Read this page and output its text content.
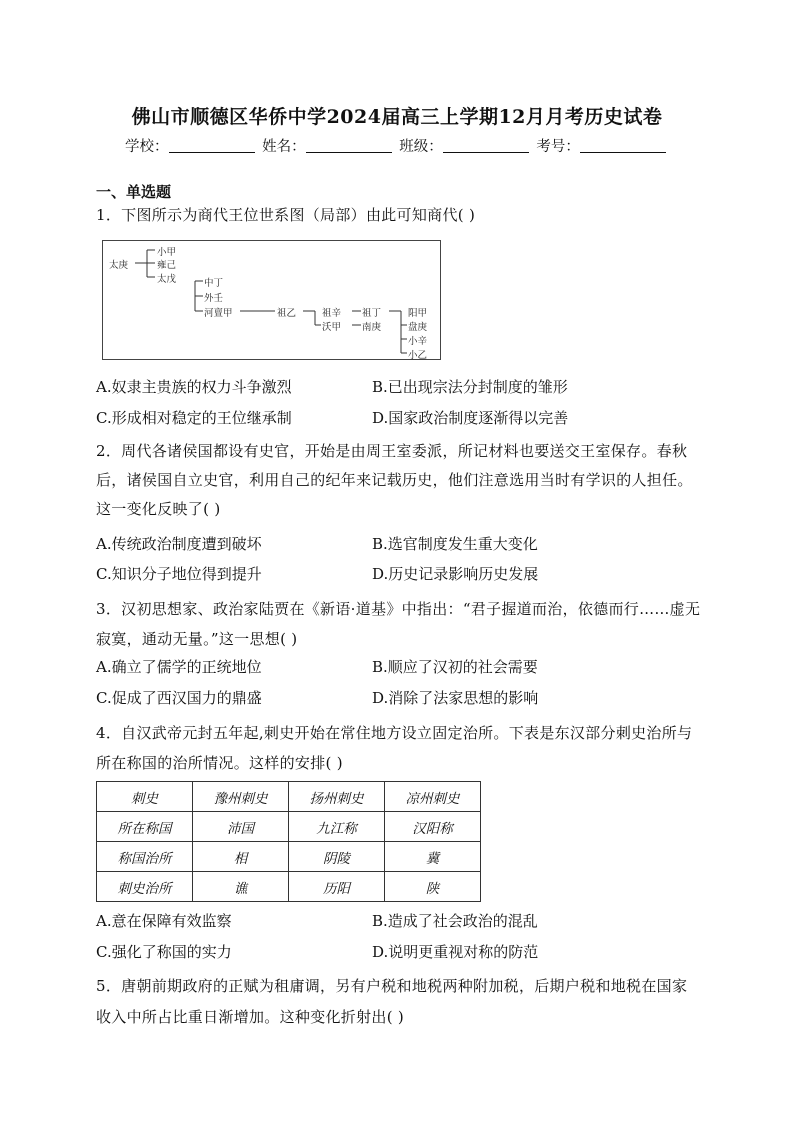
佛山市顺德区华侨中学2024届高三上学期12月月考历史试卷
学校：	姓名：	班级：	考号：
一、单选题
1．下图所示为商代王位世系图（局部）由此可知商代( )
太庚
小甲
雍己
太戊	中丁
外壬
河亶甲	祖乙	祖辛
沃甲
祖丁
南庚
阳甲
盘庚
小辛
小乙
A.奴隶主贵族的权力斗争激烈	B.已出现宗法分封制度的雏形
C.形成相对稳定的王位继承制	D.国家政治制度逐渐得以完善
2．周代各诸侯国都设有史官，开始是由周王室委派，所记材料也要送交王室保存。春秋后，诸侯国自立史官，利用自己的纪年来记载历史，他们注意选用当时有学识的人担任。这一变化反映了( )
A.传统政治制度遭到破坏	B.选官制度发生重大变化
C.知识分子地位得到提升	D.历史记录影响历史发展
3．汉初思想家、政治家陆贾在《新语·道基》中指出：“君子握道而治，依德而行……虚无寂寞，通动无量。”这一思想( )
A.确立了儒学的正统地位	B.顺应了汉初的社会需要
C.促成了西汉国力的鼎盛	D.消除了法家思想的影响
4．自汉武帝元封五年起,刺史开始在常住地方设立固定治所。下表是东汉部分刺史治所与所在称国的治所情况。这样的安排( )
刺史	豫州刺史	扬州刺史	凉州刺史
所在称国	沛国	九江称	汉阳称
称国治所	相	阴陵	冀
刺史治所	谯	历阳	陕
A.意在保障有效监察	B.造成了社会政治的混乱
C.强化了称国的实力	D.说明更重视对称的防范
5．唐朝前期政府的正赋为租庸调，另有户税和地税两种附加税，后期户税和地税在国家收入中所占比重日渐增加。这种变化折射出( )
